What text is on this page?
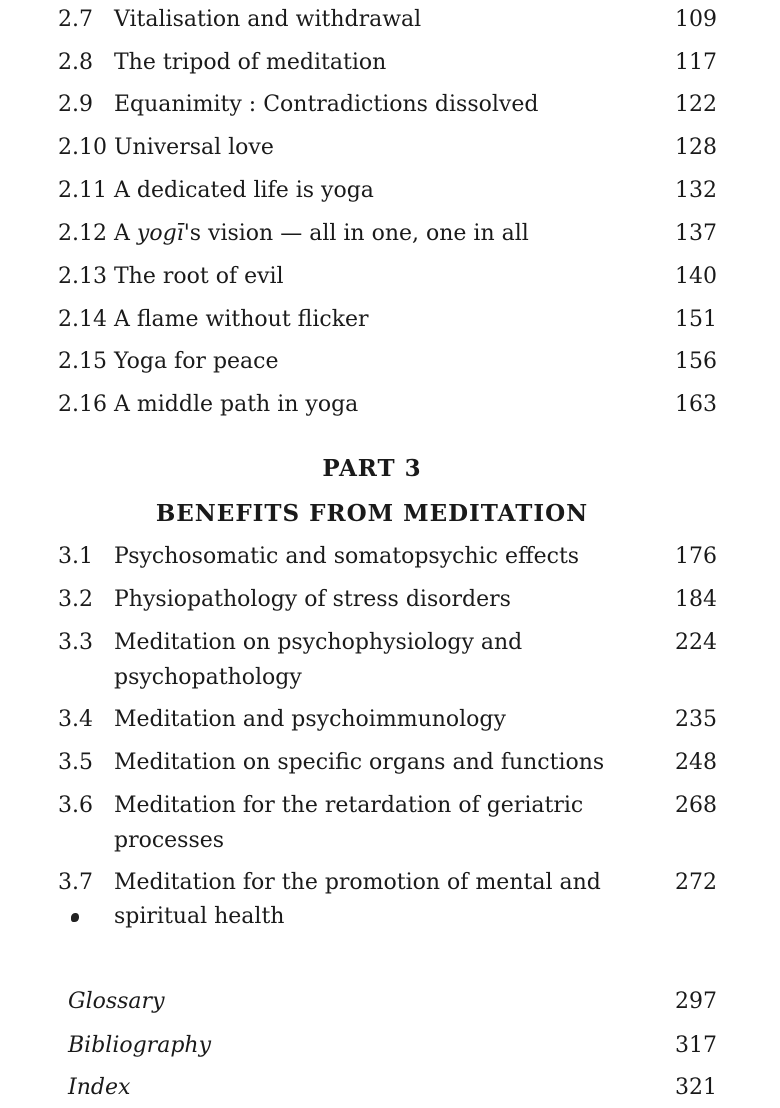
2.7 Vitalisation and withdrawal	109
2.8 The tripod of meditation	117
2.9 Equanimity : Contradictions dissolved	122
2.10 Universal love	128
2.11 A dedicated life is yoga	132
2.12 A yogī's vision — all in one, one in all	137
2.13 The root of evil	140
2.14 A flame without flicker	151
2.15 Yoga for peace	156
2.16 A middle path in yoga	163
PART 3
BENEFITS FROM MEDITATION
3.1 Psychosomatic and somatopsychic effects	176
3.2 Physiopathology of stress disorders	184
3.3 Meditation on psychophysiology and	224
psychopathology
3.4 Meditation and psychoimmunology	235
3.5 Meditation on specific organs and functions	248
3.6 Meditation for the retardation of geriatric	268
processes
3.7 Meditation for the promotion of mental and	272
spiritual health
Glossary	297
Bibliography	317
Index	321
